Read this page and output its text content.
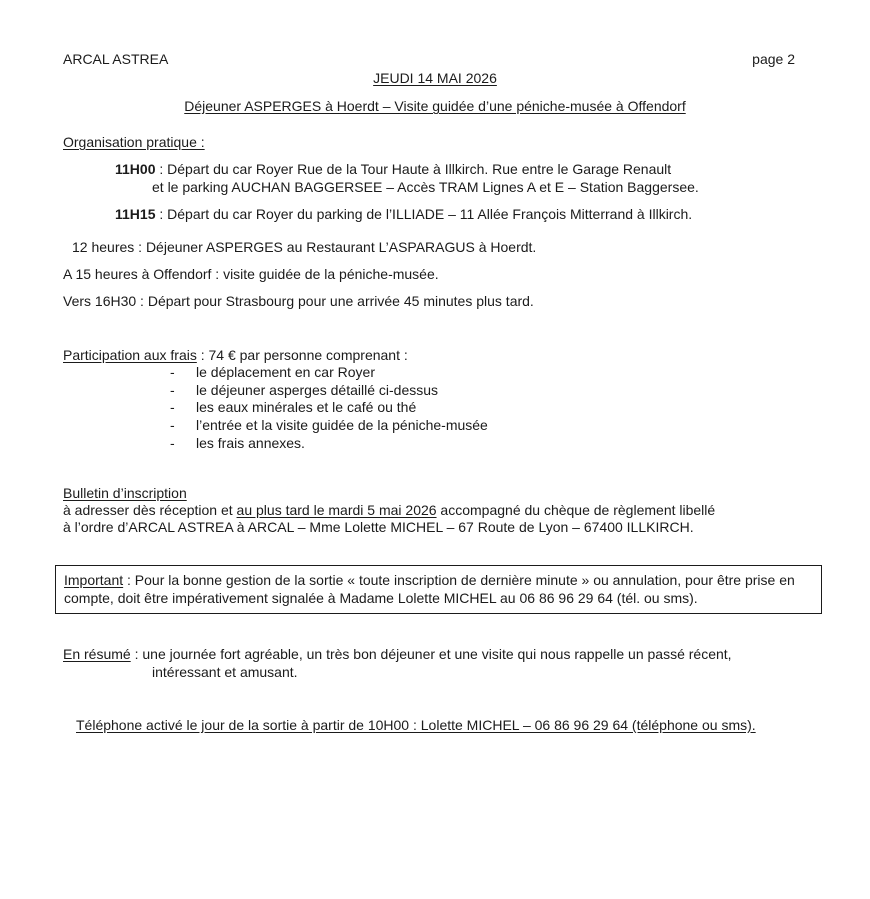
ARCAL ASTREA	page 2
JEUDI 14 MAI 2026
Déjeuner ASPERGES à Hoerdt – Visite guidée d’une péniche-musée à Offendorf
Organisation pratique :
11H00 : Départ du car Royer Rue de la Tour Haute à Illkirch. Rue entre le Garage Renault
et le parking AUCHAN BAGGERSEE – Accès TRAM Lignes A et E – Station Baggersee.
11H15 : Départ du car Royer du parking de l’ILLIADE – 11 Allée François Mitterrand à Illkirch.
12 heures : Déjeuner ASPERGES au Restaurant L’ASPARAGUS à Hoerdt.
A 15 heures à Offendorf : visite guidée de la péniche-musée.
Vers 16H30 : Départ pour Strasbourg pour une arrivée 45 minutes plus tard.
Participation aux frais : 74 € par personne comprenant :
- le déplacement en car Royer
- le déjeuner asperges détaillé ci-dessus
- les eaux minérales et le café ou thé
- l’entrée et la visite guidée de la péniche-musée
- les frais annexes.
Bulletin d’inscription
à adresser dès réception et au plus tard le mardi 5 mai 2026 accompagné du chèque de règlement libellé
à l’ordre d’ARCAL ASTREA à ARCAL – Mme Lolette MICHEL – 67 Route de Lyon – 67400 ILLKIRCH.
Important : Pour la bonne gestion de la sortie « toute inscription de dernière minute » ou annulation, pour être prise en compte, doit être impérativement signalée à Madame Lolette MICHEL au 06 86 96 29 64 (tél. ou sms).
En résumé : une journée fort agréable, un très bon déjeuner et une visite qui nous rappelle un passé récent,
intéressant et amusant.
Téléphone activé le jour de la sortie à partir de 10H00 : Lolette MICHEL – 06 86 96 29 64 (téléphone ou sms).
